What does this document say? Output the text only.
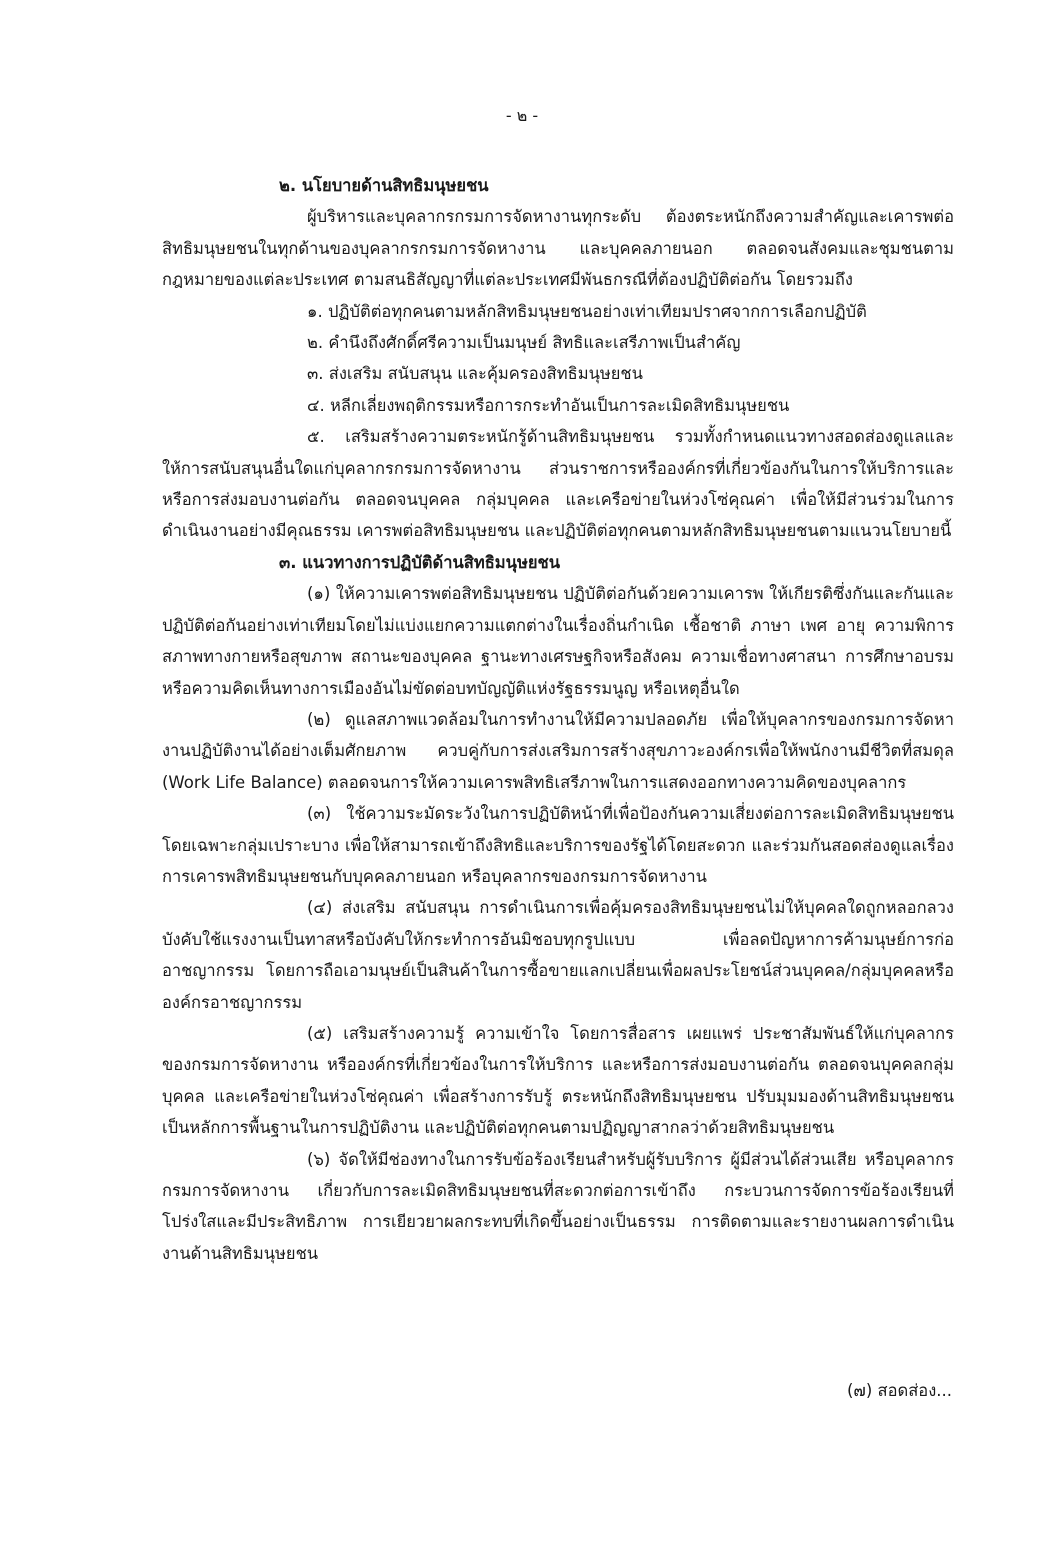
- ๒ -

๒. นโยบายด้านสิทธิมนุษยชน

ผู้บริหารและบุคลากรกรมการจัดหางานทุกระดับ ต้องตระหนักถึงความสำคัญและเคารพต่อสิทธิมนุษยชนในทุกด้านของบุคลากรกรมการจัดหางาน และบุคคลภายนอก ตลอดจนสังคมและชุมชนตามกฎหมายของแต่ละประเทศ ตามสนธิสัญญาที่แต่ละประเทศมีพันธกรณีที่ต้องปฏิบัติต่อกัน โดยรวมถึง

๑. ปฏิบัติต่อทุกคนตามหลักสิทธิมนุษยชนอย่างเท่าเทียมปราศจากการเลือกปฏิบัติ

๒. คำนึงถึงศักดิ์ศรีความเป็นมนุษย์ สิทธิและเสรีภาพเป็นสำคัญ

๓. ส่งเสริม สนับสนุน และคุ้มครองสิทธิมนุษยชน

๔. หลีกเลี่ยงพฤติกรรมหรือการกระทำอันเป็นการละเมิดสิทธิมนุษยชน

๕. เสริมสร้างความตระหนักรู้ด้านสิทธิมนุษยชน รวมทั้งกำหนดแนวทางสอดส่องดูแลและให้การสนับสนุนอื่นใดแก่บุคลากรกรมการจัดหางาน ส่วนราชการหรือองค์กรที่เกี่ยวข้องกันในการให้บริการและหรือการส่งมอบงานต่อกัน ตลอดจนบุคคล กลุ่มบุคคล และเครือข่ายในห่วงโซ่คุณค่า เพื่อให้มีส่วนร่วมในการดำเนินงานอย่างมีคุณธรรม เคารพต่อสิทธิมนุษยชน และปฏิบัติต่อทุกคนตามหลักสิทธิมนุษยชนตามแนวนโยบายนี้

๓. แนวทางการปฏิบัติด้านสิทธิมนุษยชน

(๑) ให้ความเคารพต่อสิทธิมนุษยชน ปฏิบัติต่อกันด้วยความเคารพ ให้เกียรติซึ่งกันและกันและปฏิบัติต่อกันอย่างเท่าเทียมโดยไม่แบ่งแยกความแตกต่างในเรื่องถิ่นกำเนิด เชื้อชาติ ภาษา เพศ อายุ ความพิการสภาพทางกายหรือสุขภาพ สถานะของบุคคล ฐานะทางเศรษฐกิจหรือสังคม ความเชื่อทางศาสนา การศึกษาอบรมหรือความคิดเห็นทางการเมืองอันไม่ขัดต่อบทบัญญัติแห่งรัฐธรรมนูญ หรือเหตุอื่นใด

(๒) ดูแลสภาพแวดล้อมในการทำงานให้มีความปลอดภัย เพื่อให้บุคลากรของกรมการจัดหางานปฏิบัติงานได้อย่างเต็มศักยภาพ ควบคู่กับการส่งเสริมการสร้างสุขภาวะองค์กรเพื่อให้พนักงานมีชีวิตที่สมดุล (Work Life Balance) ตลอดจนการให้ความเคารพสิทธิเสรีภาพในการแสดงออกทางความคิดของบุคลากร

(๓) ใช้ความระมัดระวังในการปฏิบัติหน้าที่เพื่อป้องกันความเสี่ยงต่อการละเมิดสิทธิมนุษยชนโดยเฉพาะกลุ่มเปราะบาง เพื่อให้สามารถเข้าถึงสิทธิและบริการของรัฐได้โดยสะดวก และร่วมกันสอดส่องดูแลเรื่องการเคารพสิทธิมนุษยชนกับบุคคลภายนอก หรือบุคลากรของกรมการจัดหางาน

(๔) ส่งเสริม สนับสนุน การดำเนินการเพื่อคุ้มครองสิทธิมนุษยชนไม่ให้บุคคลใดถูกหลอกลวง บังคับใช้แรงงานเป็นทาสหรือบังคับให้กระทำการอันมิชอบทุกรูปแบบ เพื่อลดปัญหาการค้ามนุษย์การก่ออาชญากรรม โดยการถือเอามนุษย์เป็นสินค้าในการซื้อขายแลกเปลี่ยนเพื่อผลประโยชน์ส่วนบุคคล/กลุ่มบุคคลหรือองค์กรอาชญากรรม

(๕) เสริมสร้างความรู้ ความเข้าใจ โดยการสื่อสาร เผยแพร่ ประชาสัมพันธ์ให้แก่บุคลากรของกรมการจัดหางาน หรือองค์กรที่เกี่ยวข้องในการให้บริการ และหรือการส่งมอบงานต่อกัน ตลอดจนบุคคลกลุ่มบุคคล และเครือข่ายในห่วงโซ่คุณค่า เพื่อสร้างการรับรู้ ตระหนักถึงสิทธิมนุษยชน ปรับมุมมองด้านสิทธิมนุษยชนเป็นหลักการพื้นฐานในการปฏิบัติงาน และปฏิบัติต่อทุกคนตามปฏิญญาสากลว่าด้วยสิทธิมนุษยชน

(๖) จัดให้มีช่องทางในการรับข้อร้องเรียนสำหรับผู้รับบริการ ผู้มีส่วนได้ส่วนเสีย หรือบุคลากรกรมการจัดหางาน เกี่ยวกับการละเมิดสิทธิมนุษยชนที่สะดวกต่อการเข้าถึง กระบวนการจัดการข้อร้องเรียนที่โปร่งใสและมีประสิทธิภาพ การเยียวยาผลกระทบที่เกิดขึ้นอย่างเป็นธรรม การติดตามและรายงานผลการดำเนินงานด้านสิทธิมนุษยชน

(๗) สอดส่อง...
